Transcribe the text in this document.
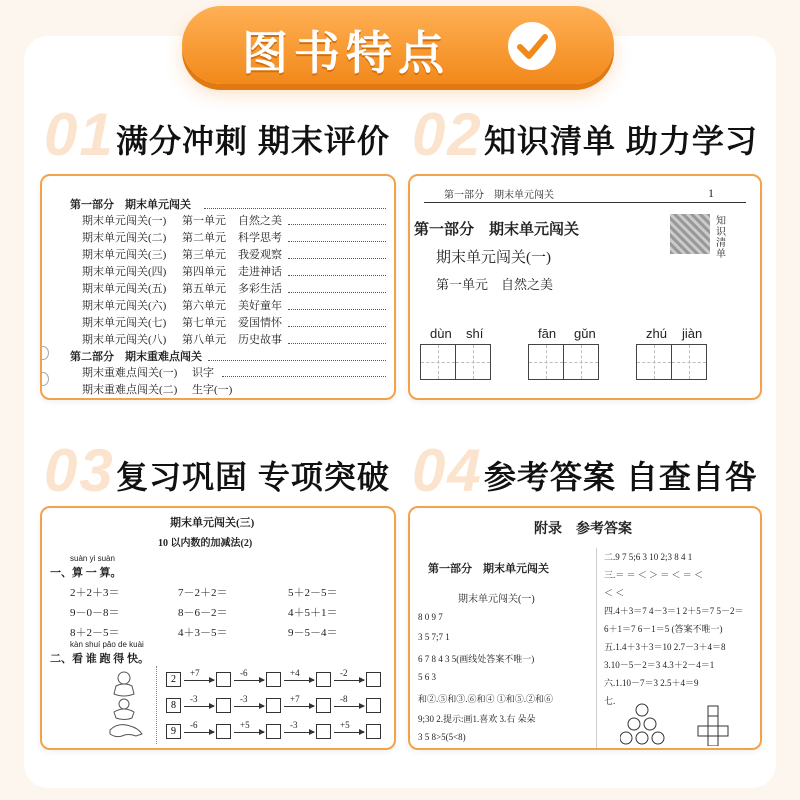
图书特点
01 满分冲刺 期末评价 02 知识清单 助力学习
03 复习巩固 专项突破 04 参考答案 自查自咎
第一部分　期末单元闯关
期末单元闯关(一) 第一单元 自然之美
期末单元闯关(二) 第二单元 科学思考
期末单元闯关(三) 第三单元 我爱观察
期末单元闯关(四) 第四单元 走进神话
期末单元闯关(五) 第五单元 多彩生活
期末单元闯关(六) 第六单元 美好童年
期末单元闯关(七) 第七单元 爱国情怀
期末单元闯关(八) 第八单元 历史故事
第二部分　期末重难点闯关
期末重难点闯关(一) 识字
期末重难点闯关(二) 生字(一)
第一部分　期末单元闯关	1
第一部分　期末单元闯关
期末单元闯关(一)
第一单元　自然之美
知识清单
dùn shí	fān gǔn	zhú jiàn
期末单元闯关(三)
10 以内数的加减法(2)
suàn yi suàn
一、算 一 算。
2＋2＋3＝	7－2＋2＝	5＋2－5＝
9－0－8＝	8－6－2＝	4＋5＋1＝
8＋2－5＝	4＋3－5＝	9－5－4＝
kàn shuí pǎo de kuài
二、看 谁 跑 得 快。
2
+7	-6	+4	-2
8
-3	-3	+7	-8
9
-6	+5	-3	+5
附录　参考答案
第一部分　期末单元闯关
期末单元闯关(一)
8 0 9 7
3 5 7;7 1
6 7 8 4 3 5(画线处答案不唯一)
5 6 3
和②.⑤和③.⑥和④ ①和⑤.②和⑥
9;30 2.提示:画1.喜欢 3.右 朵朵
3 5 8>5(5<8)
二.9 7 5;6 3 10 2;3 8 4 1
三.＝ ＝ ＜ ＞ ＝ ＜ ＝ ＜
＜ ＜
四.4＋3＝7 4－3＝1 2＋5＝7 5－2＝
6＋1＝7 6－1＝5 (答案不唯一)
五.1.4＋3＋3＝10 2.7－3＋4＝8
3.10－5－2＝3 4.3＋2－4＝1
六.1.10－7＝3 2.5＋4＝9
七.
